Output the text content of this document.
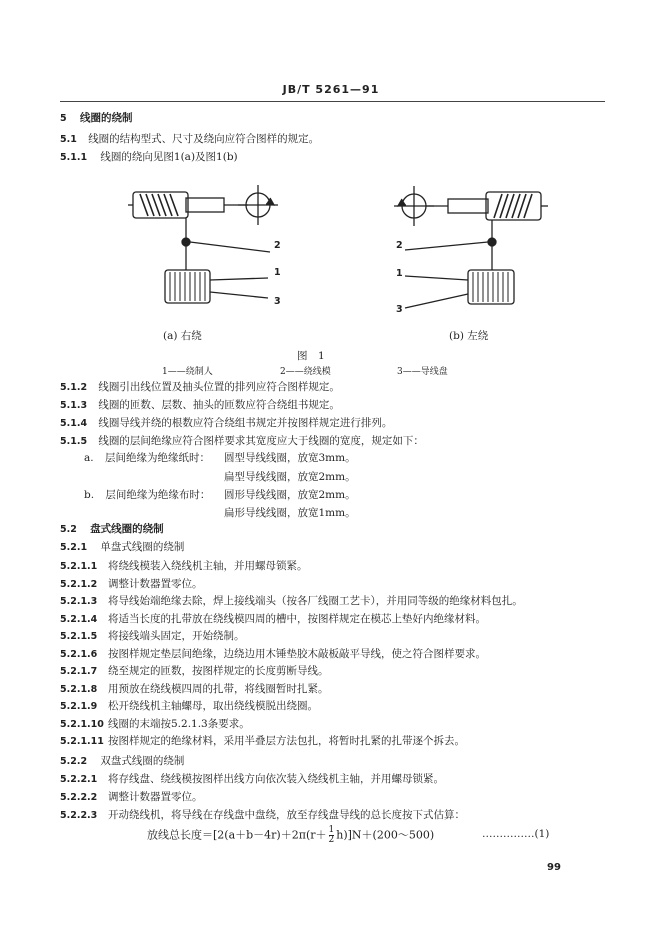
JB/T 5261—91
5 线圈的绕制
5.1 线圈的结构型式、尺寸及绕向应符合图样的规定。
5.1.1 线圈的绕向见图1(a)及图1(b)
2
1
3
2
1
3
(a) 右绕	(b) 左绕
图　1
1——绕制人	2——绕线模	3——导线盘
5.1.2 线圈引出线位置及抽头位置的排列应符合图样规定。
5.1.3 线圈的匝数、层数、抽头的匝数应符合绕组书规定。
5.1.4 线圈导线并绕的根数应符合绕组书规定并按图样规定进行排列。
5.1.5 线圈的层间绝缘应符合图样要求其宽度应大于线圈的宽度，规定如下：
a. 层间绝缘为绝缘纸时： 圆型导线线圈，放宽3mm。
扁型导线线圈，放宽2mm。
b. 层间绝缘为绝缘布时： 圆形导线线圈，放宽2mm。
扁形导线线圈，放宽1mm。
5.2 盘式线圈的绕制
5.2.1 单盘式线圈的绕制
5.2.1.1 将绕线模装入绕线机主轴，并用螺母锁紧。
5.2.1.2 调整计数器置零位。
5.2.1.3 将导线始端绝缘去除，焊上接线端头（按各厂线圈工艺卡），并用同等级的绝缘材料包扎。
5.2.1.4 将适当长度的扎带放在绕线模四周的槽中，按图样规定在模芯上垫好内绝缘材料。
5.2.1.5 将接线端头固定，开始绕制。
5.2.1.6 按图样规定垫层间绝缘，边绕边用木锤垫胶木敲板敲平导线，使之符合图样要求。
5.2.1.7 绕至规定的匝数，按图样规定的长度剪断导线。
5.2.1.8 用预放在绕线模四周的扎带，将线圈暂时扎紧。
5.2.1.9 松开绕线机主轴螺母，取出绕线模脱出绕圈。
5.2.1.10 线圈的末端按5.2.1.3条要求。
5.2.1.11 按图样规定的绝缘材料，采用半叠层方法包扎，将暂时扎紧的扎带逐个拆去。
5.2.2 双盘式线圈的绕制
5.2.2.1 将存线盘、绕线模按图样出线方向依次装入绕线机主轴，并用螺母锁紧。
5.2.2.2 调整计数器置零位。
5.2.2.3 开动绕线机，将导线在存线盘中盘绕，放至存线盘导线的总长度按下式估算：
放线总长度$=[2(a+b-4r)+2\pi(r+ \frac{1}{2}$ h)]N＋(200～500)	……………(1)
99
